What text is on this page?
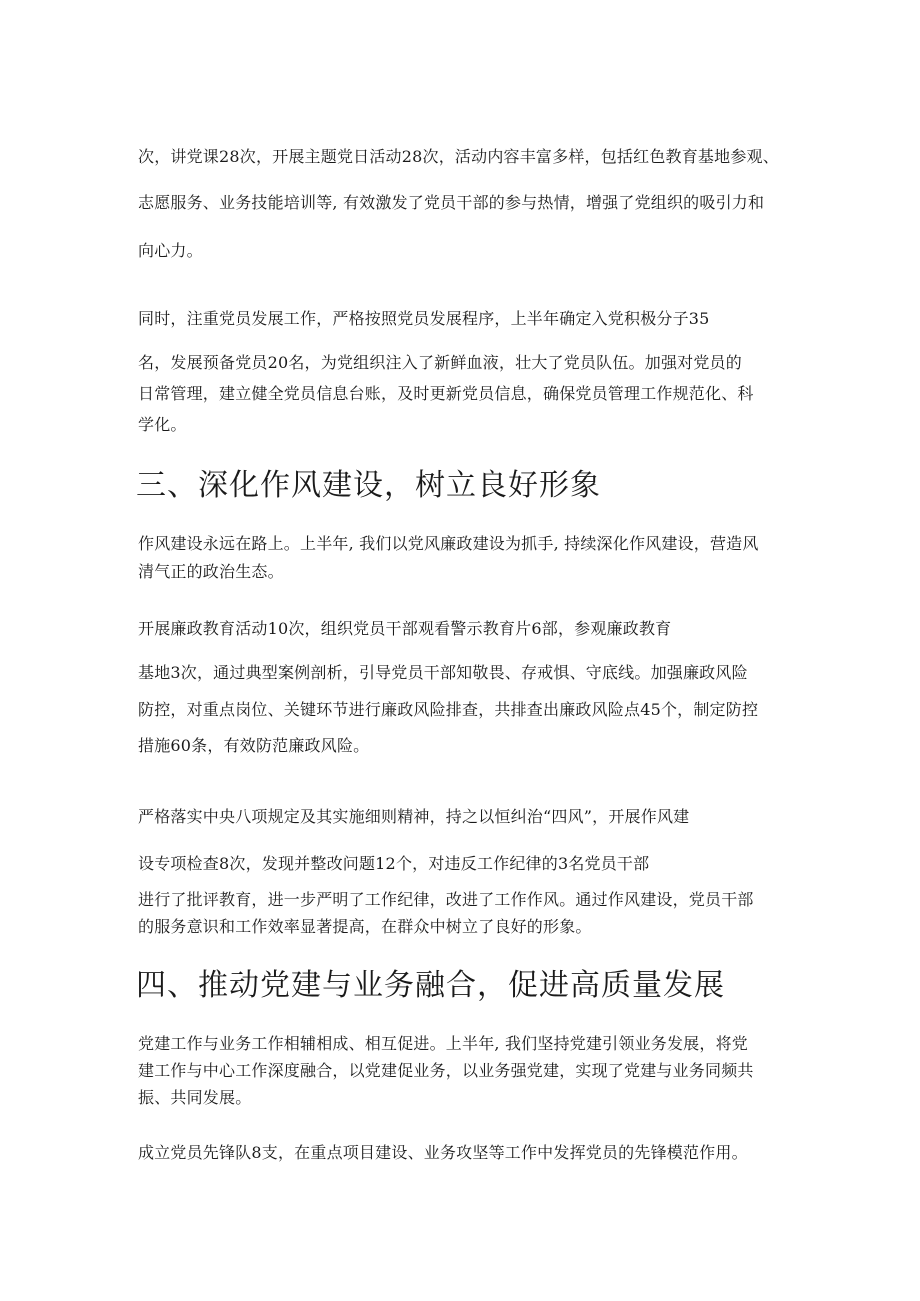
次，讲党课28次，开展主题党日活动28次，活动内容丰富多样，包括红色教育基地参观、

志愿服务、业务技能培训等, 有效激发了党员干部的参与热情，增强了党组织的吸引力和

向心力。

同时，注重党员发展工作，严格按照党员发展程序，上半年确定入党积极分子35

名，发展预备党员20名，为党组织注入了新鲜血液，壮大了党员队伍。加强对党员的

日常管理，建立健全党员信息台账，及时更新党员信息，确保党员管理工作规范化、科

学化。

三、深化作风建设，树立良好形象

作风建设永远在路上。上半年, 我们以党风廉政建设为抓手, 持续深化作风建设，营造风

清气正的政治生态。

开展廉政教育活动10次，组织党员干部观看警示教育片6部，参观廉政教育

基地3次，通过典型案例剖析，引导党员干部知敬畏、存戒惧、守底线。加强廉政风险

防控，对重点岗位、关键环节进行廉政风险排查，共排查出廉政风险点45个，制定防控

措施60条，有效防范廉政风险。

严格落实中央八项规定及其实施细则精神，持之以恒纠治“四风”，开展作风建

设专项检查8次，发现并整改问题12个，对违反工作纪律的3名党员干部

进行了批评教育，进一步严明了工作纪律，改进了工作作风。通过作风建设，党员干部

的服务意识和工作效率显著提高，在群众中树立了良好的形象。

四、推动党建与业务融合，促进高质量发展

党建工作与业务工作相辅相成、相互促进。上半年, 我们坚持党建引领业务发展，将党

建工作与中心工作深度融合，以党建促业务，以业务强党建，实现了党建与业务同频共

振、共同发展。

成立党员先锋队8支，在重点项目建设、业务攻坚等工作中发挥党员的先锋模范作用。
